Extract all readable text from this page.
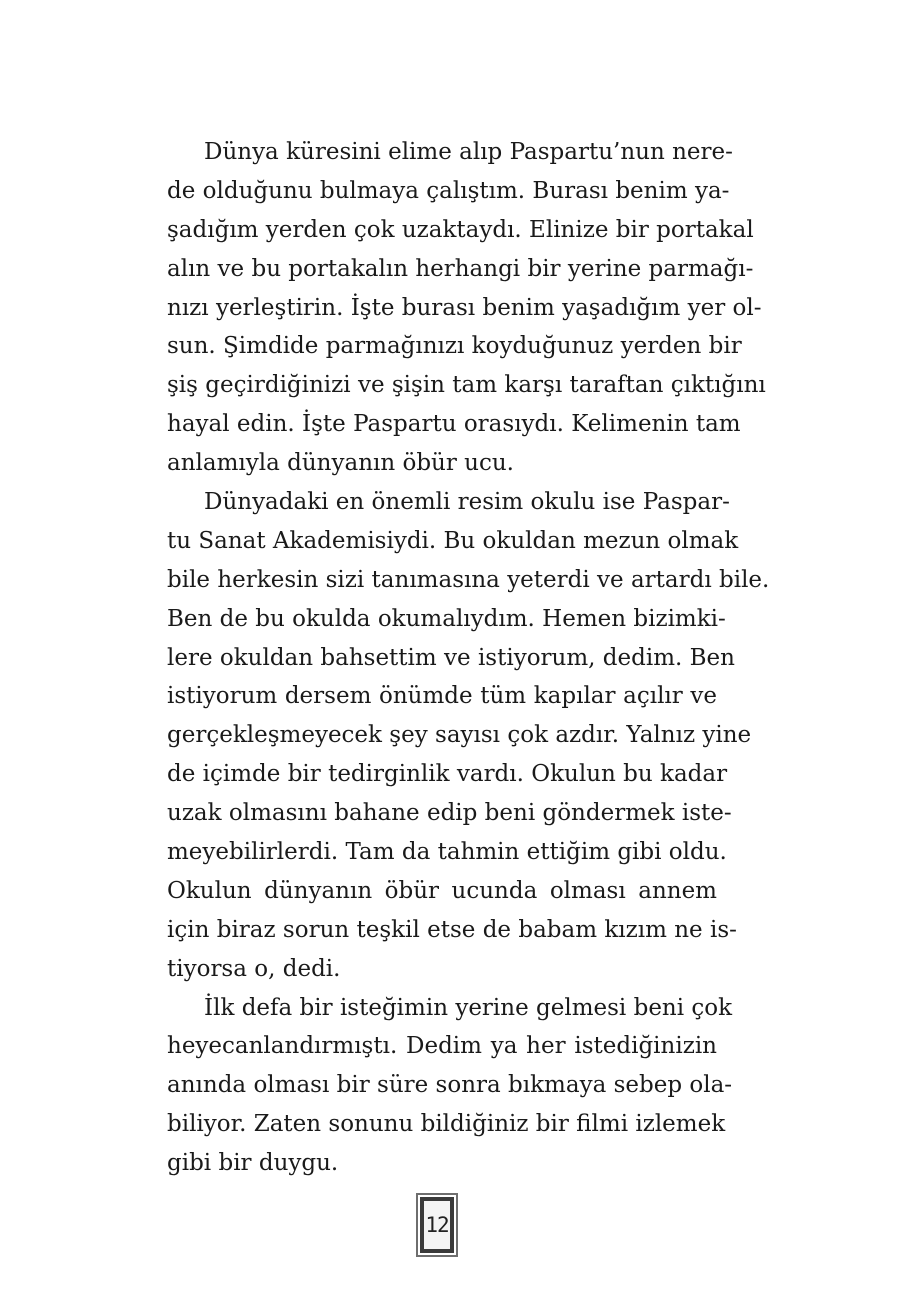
Dünya küresini elime alıp Paspartu’nun nere-
de olduğunu bulmaya çalıştım. Burası benim ya-
şadığım yerden çok uzaktaydı. Elinize bir portakal
alın ve bu portakalın herhangi bir yerine parmağı-
nızı yerleştirin. İşte burası benim yaşadığım yer ol-
sun. Şimdide parmağınızı koyduğunuz yerden bir
şiş geçirdiğinizi ve şişin tam karşı taraftan çıktığını
hayal edin. İşte Paspartu orasıydı. Kelimenin tam
anlamıyla dünyanın öbür ucu.
Dünyadaki en önemli resim okulu ise Paspar-
tu Sanat Akademisiydi. Bu okuldan mezun olmak
bile herkesin sizi tanımasına yeterdi ve artardı bile.
Ben de bu okulda okumalıydım. Hemen bizimki-
lere okuldan bahsettim ve istiyorum, dedim. Ben
istiyorum dersem önümde tüm kapılar açılır ve
gerçekleşmeyecek şey sayısı çok azdır. Yalnız yine
de içimde bir tedirginlik vardı. Okulun bu kadar
uzak olmasını bahane edip beni göndermek iste-
meyebilirlerdi. Tam da tahmin ettiğim gibi oldu.
Okulun dünyanın öbür ucunda olması annem
için biraz sorun teşkil etse de babam kızım ne is-
tiyorsa o, dedi.
İlk defa bir isteğimin yerine gelmesi beni çok
heyecanlandırmıştı. Dedim ya her istediğinizin
anında olması bir süre sonra bıkmaya sebep ola-
biliyor. Zaten sonunu bildiğiniz bir filmi izlemek
gibi bir duygu.
12
